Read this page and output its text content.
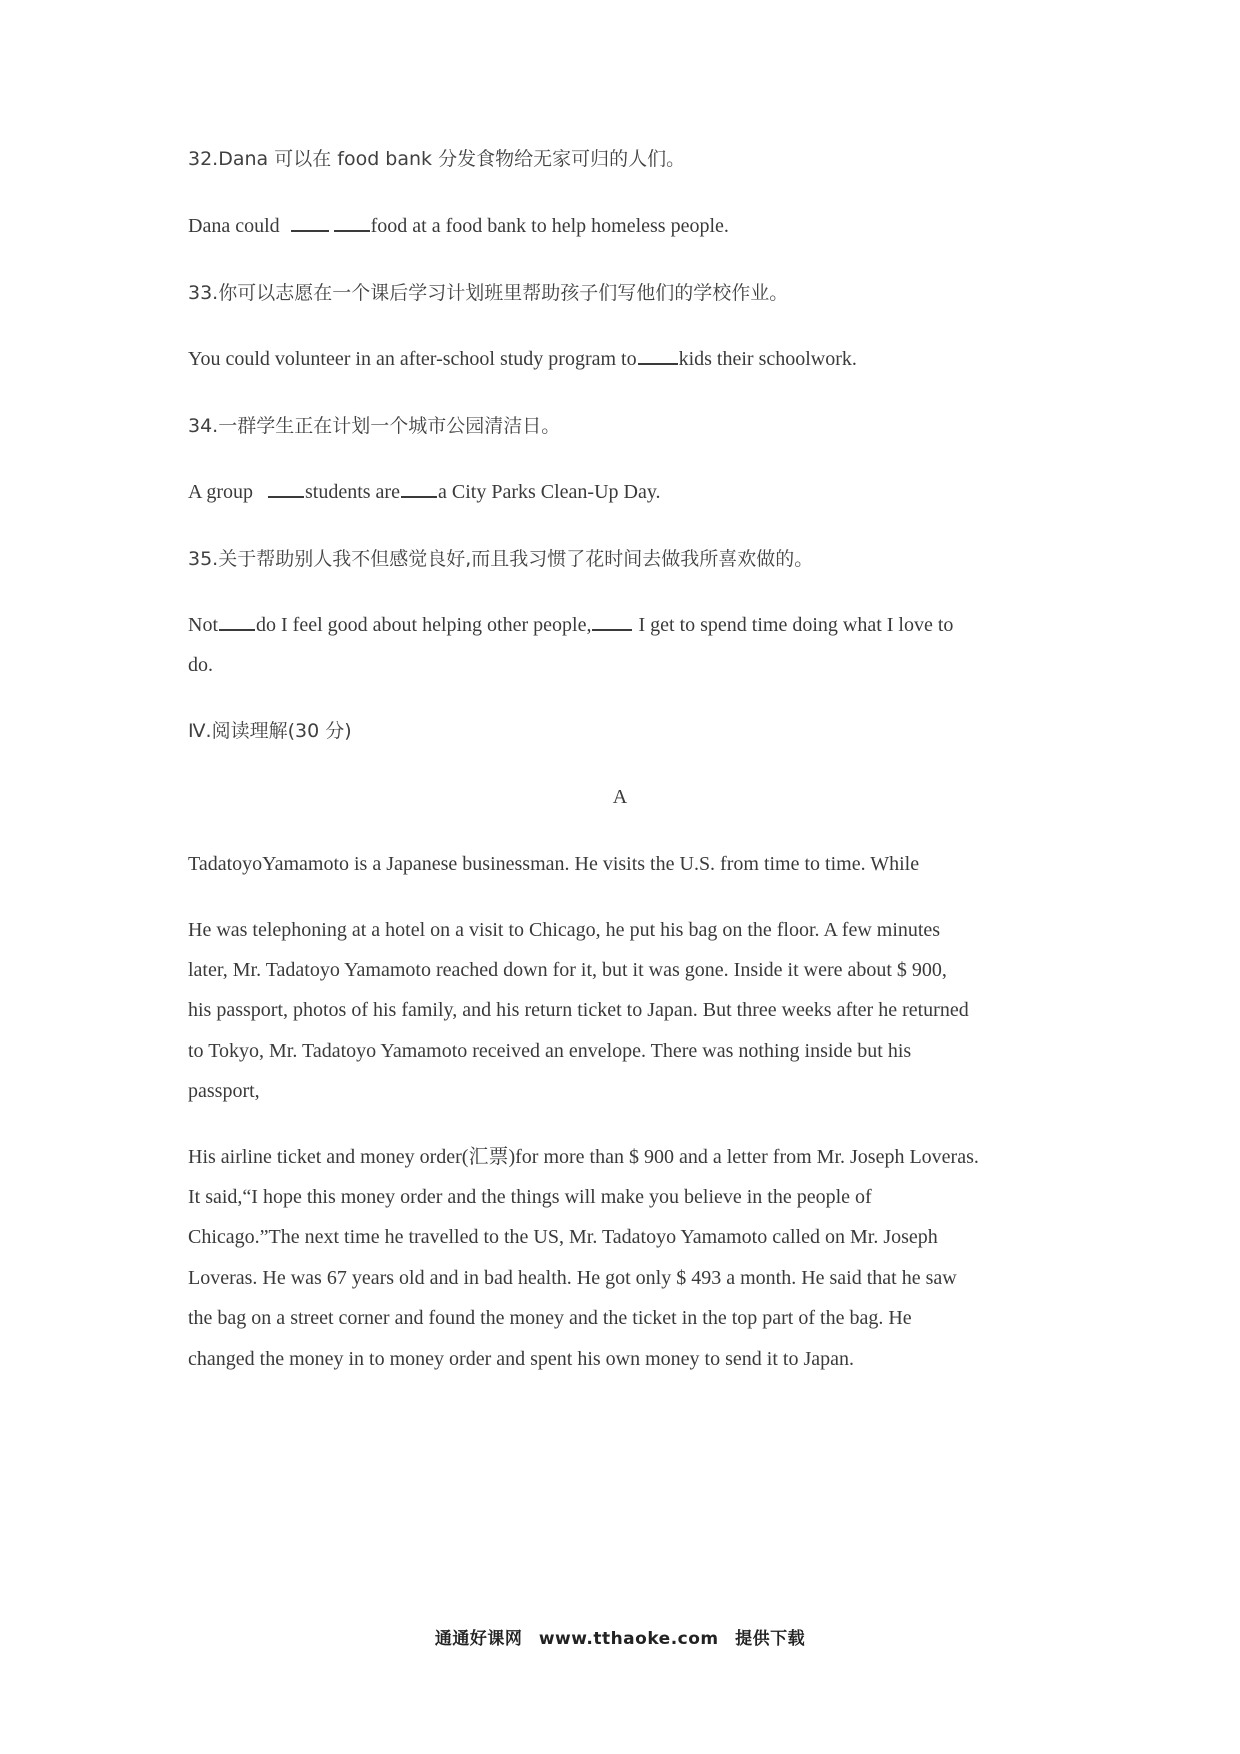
32.Dana 可以在 food bank 分发食物给无家可归的人们。
Dana could	food at a food bank to help homeless people.
33.你可以志愿在一个课后学习计划班里帮助孩子们写他们的学校作业。
You could volunteer in an after-school study program to kids their schoolwork.
34.一群学生正在计划一个城市公园清洁日。
A group students are a City Parks Clean-Up Day.
35.关于帮助别人我不但感觉良好,而且我习惯了花时间去做我所喜欢做的。
Not do I feel good about helping other people, I get to spend time doing what I love to
do.
Ⅳ.阅读理解(30 分)
A
TadatoyoYamamoto is a Japanese businessman. He visits the U.S. from time to time. While
He was telephoning at a hotel on a visit to Chicago, he put his bag on the floor. A few minutes
later, Mr. Tadatoyo Yamamoto reached down for it, but it was gone. Inside it were about $ 900,
his passport, photos of his family, and his return ticket to Japan. But three weeks after he returned
to Tokyo, Mr. Tadatoyo Yamamoto received an envelope. There was nothing inside but his
passport,
His airline ticket and money order(汇票)for more than $ 900 and a letter from Mr. Joseph Loveras.
It said,“I hope this money order and the things will make you believe in the people of
Chicago.”The next time he travelled to the US, Mr. Tadatoyo Yamamoto called on Mr. Joseph
Loveras. He was 67 years old and in bad health. He got only $ 493 a month. He said that he saw
the bag on a street corner and found the money and the ticket in the top part of the bag. He
changed the money in to money order and spent his own money to send it to Japan.
通通好课网 www.tthaoke.com 提供下载
